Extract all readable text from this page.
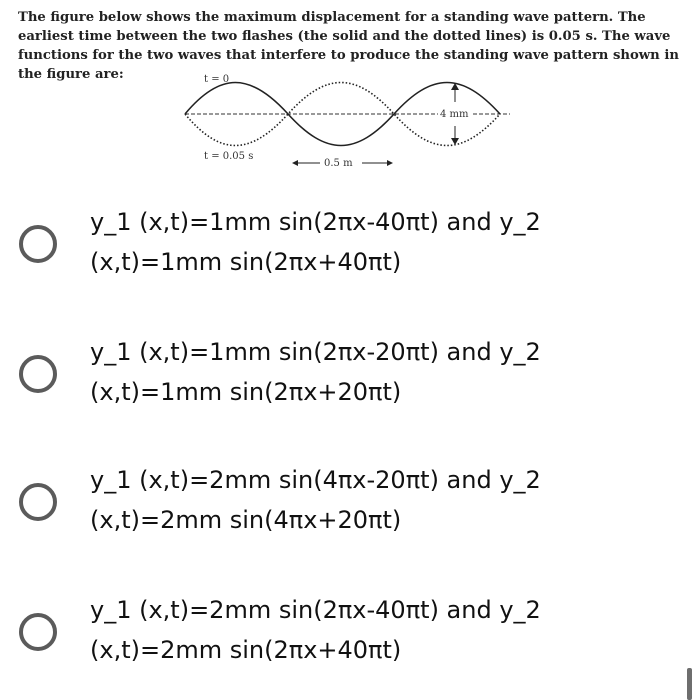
The figure below shows the maximum displacement for a standing wave pattern. The earliest time between the two flashes (the solid and the dotted lines) is 0.05 s. The wave functions for the two waves that interfere to produce the standing wave pattern shown in the figure are:
4 mm
t = 0
t = 0.05 s
0.5 m
y_1 (x,t)=1mm sin(2πx-40πt) and y_2
(x,t)=1mm sin(2πx+40πt)
y_1 (x,t)=1mm sin(2πx-20πt) and y_2
(x,t)=1mm sin(2πx+20πt)
y_1 (x,t)=2mm sin(4πx-20πt) and y_2
(x,t)=2mm sin(4πx+20πt)
y_1 (x,t)=2mm sin(2πx-40πt) and y_2
(x,t)=2mm sin(2πx+40πt)
